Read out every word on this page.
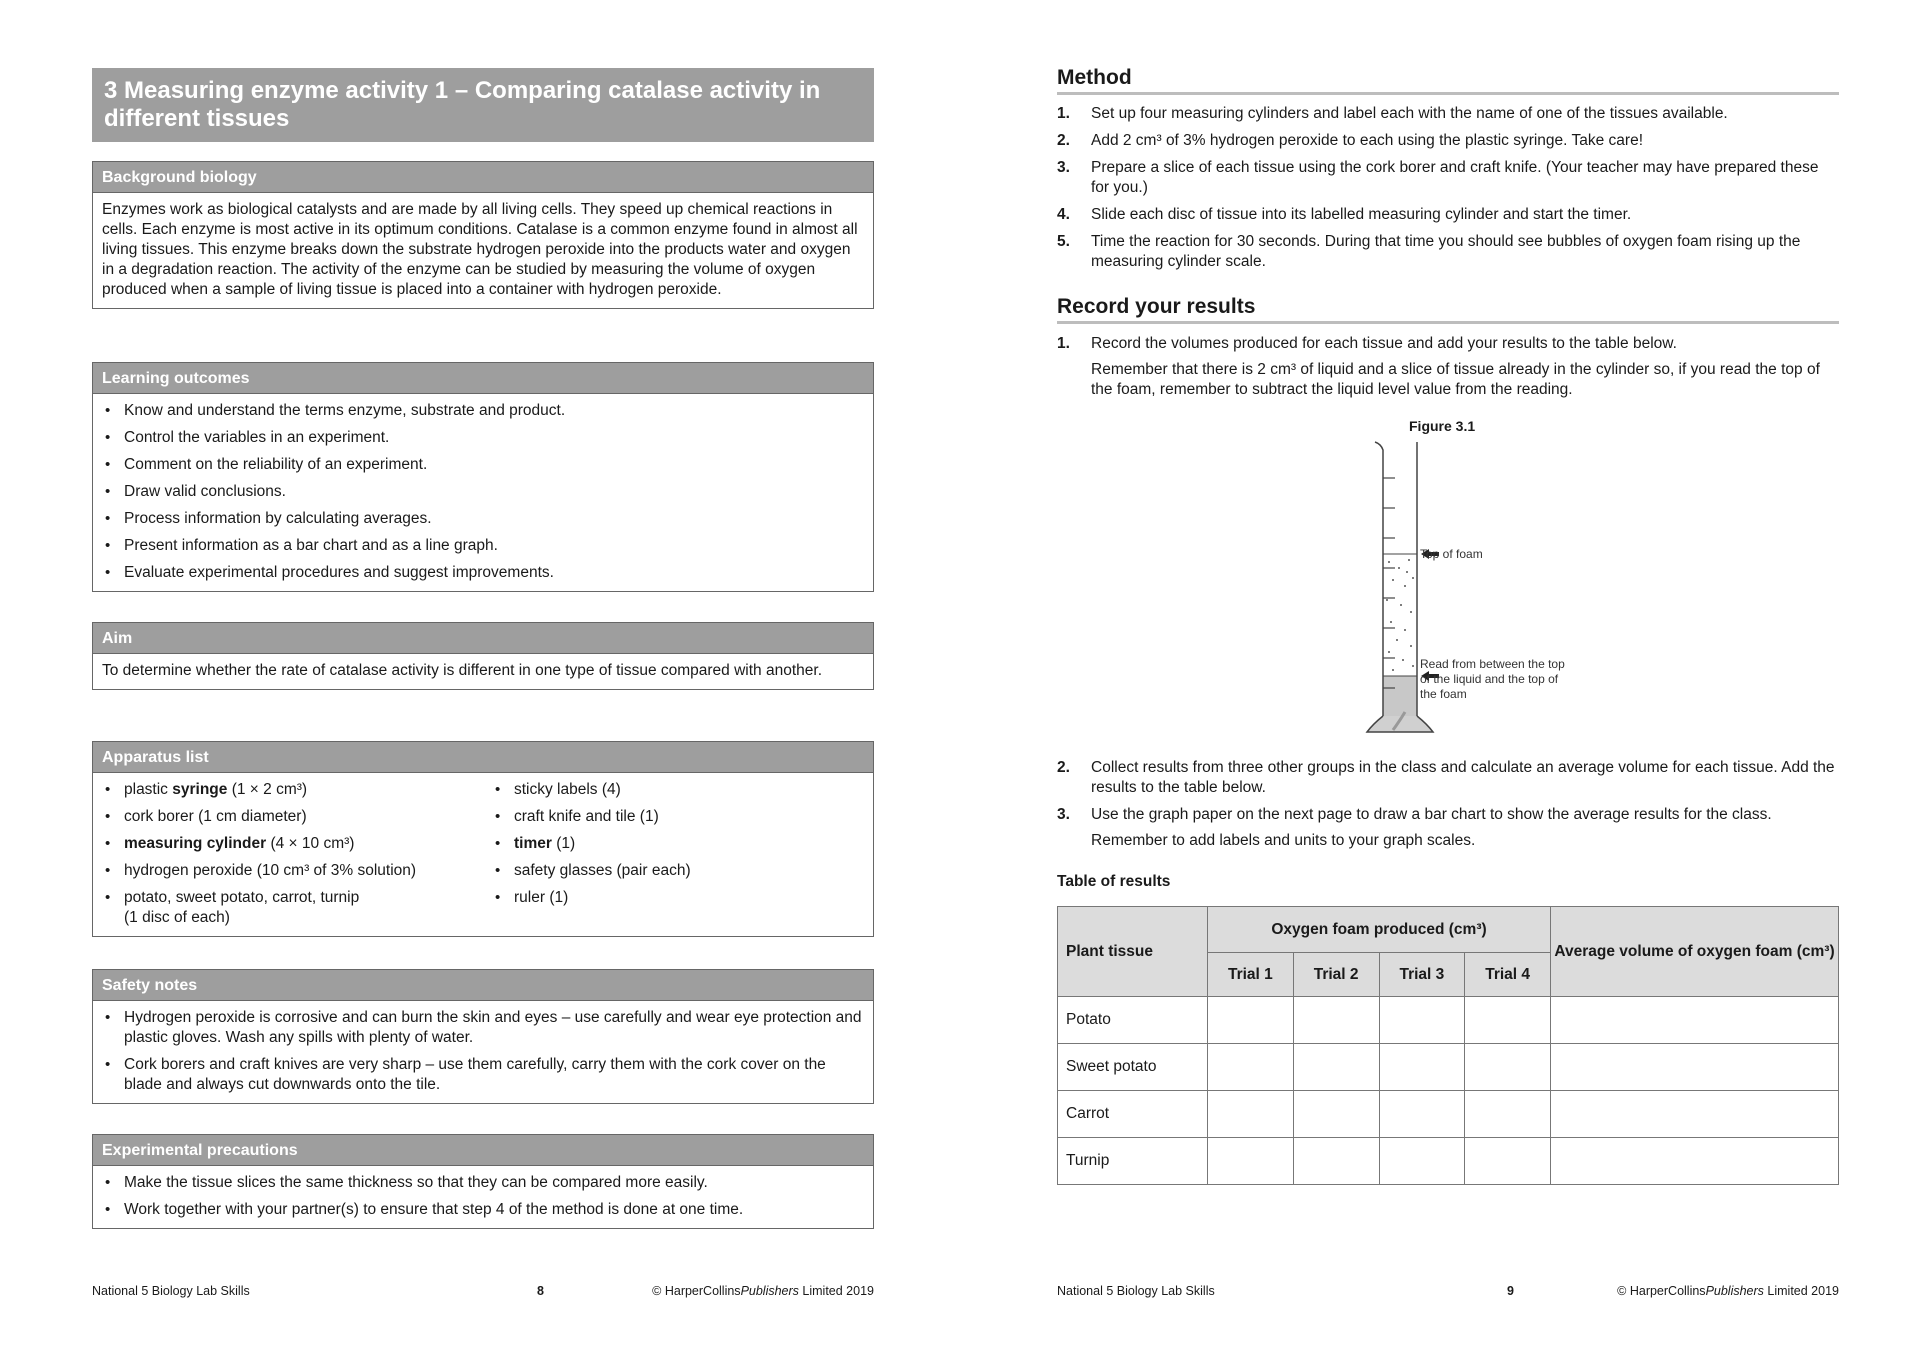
3 Measuring enzyme activity 1 – Comparing catalase activity in different tissues
Background biology
Enzymes work as biological catalysts and are made by all living cells. They speed up chemical reactions in cells. Each enzyme is most active in its optimum conditions. Catalase is a common enzyme found in almost all living tissues. This enzyme breaks down the substrate hydrogen peroxide into the products water and oxygen in a degradation reaction. The activity of the enzyme can be studied by measuring the volume of oxygen produced when a sample of living tissue is placed into a container with hydrogen peroxide.
Learning outcomes
• Know and understand the terms enzyme, substrate and product.
• Control the variables in an experiment.
• Comment on the reliability of an experiment.
• Draw valid conclusions.
• Process information by calculating averages.
• Present information as a bar chart and as a line graph.
• Evaluate experimental procedures and suggest improvements.
Aim
To determine whether the rate of catalase activity is different in one type of tissue compared with another.
Apparatus list
• plastic syringe (1 × 2 cm³)
• cork borer (1 cm diameter)
• measuring cylinder (4 × 10 cm³)
• hydrogen peroxide (10 cm³ of 3% solution)
• potato, sweet potato, carrot, turnip
(1 disc of each)
• sticky labels (4)
• craft knife and tile (1)
• timer (1)
• safety glasses (pair each)
• ruler (1)
Safety notes
• Hydrogen peroxide is corrosive and can burn the skin and eyes – use carefully and wear eye protection and plastic gloves. Wash any spills with plenty of water.
• Cork borers and craft knives are very sharp – use them carefully, carry them with the cork cover on the blade and always cut downwards onto the tile.
Experimental precautions
• Make the tissue slices the same thickness so that they can be compared more easily.
• Work together with your partner(s) to ensure that step 4 of the method is done at one time.
National 5 Biology Lab Skills	8	© HarperCollinsPublishers Limited 2019
Method
1. Set up four measuring cylinders and label each with the name of one of the tissues available.
2. Add 2 cm³ of 3% hydrogen peroxide to each using the plastic syringe. Take care!
3. Prepare a slice of each tissue using the cork borer and craft knife. (Your teacher may have prepared these for you.)
4. Slide each disc of tissue into its labelled measuring cylinder and start the timer.
5. Time the reaction for 30 seconds. During that time you should see bubbles of oxygen foam rising up the measuring cylinder scale.
Record your results
1. Record the volumes produced for each tissue and add your results to the table below.
Remember that there is 2 cm³ of liquid and a slice of tissue already in the cylinder so, if you read the top of the foam, remember to subtract the liquid level value from the reading.
Figure 3.1
Top of foam
Read from between the top
of the liquid and the top of
the foam
2. Collect results from three other groups in the class and calculate an average volume for each tissue. Add the results to the table below.
3. Use the graph paper on the next page to draw a bar chart to show the average results for the class.
Remember to add labels and units to your graph scales.
Table of results
Plant tissue	Oxygen foam produced (cm³)				Average volume of oxygen foam (cm³)
	Trial 1	Trial 2	Trial 3	Trial 4	
Potato					
Sweet potato					
Carrot					
Turnip					
National 5 Biology Lab Skills	9	© HarperCollinsPublishers Limited 2019
